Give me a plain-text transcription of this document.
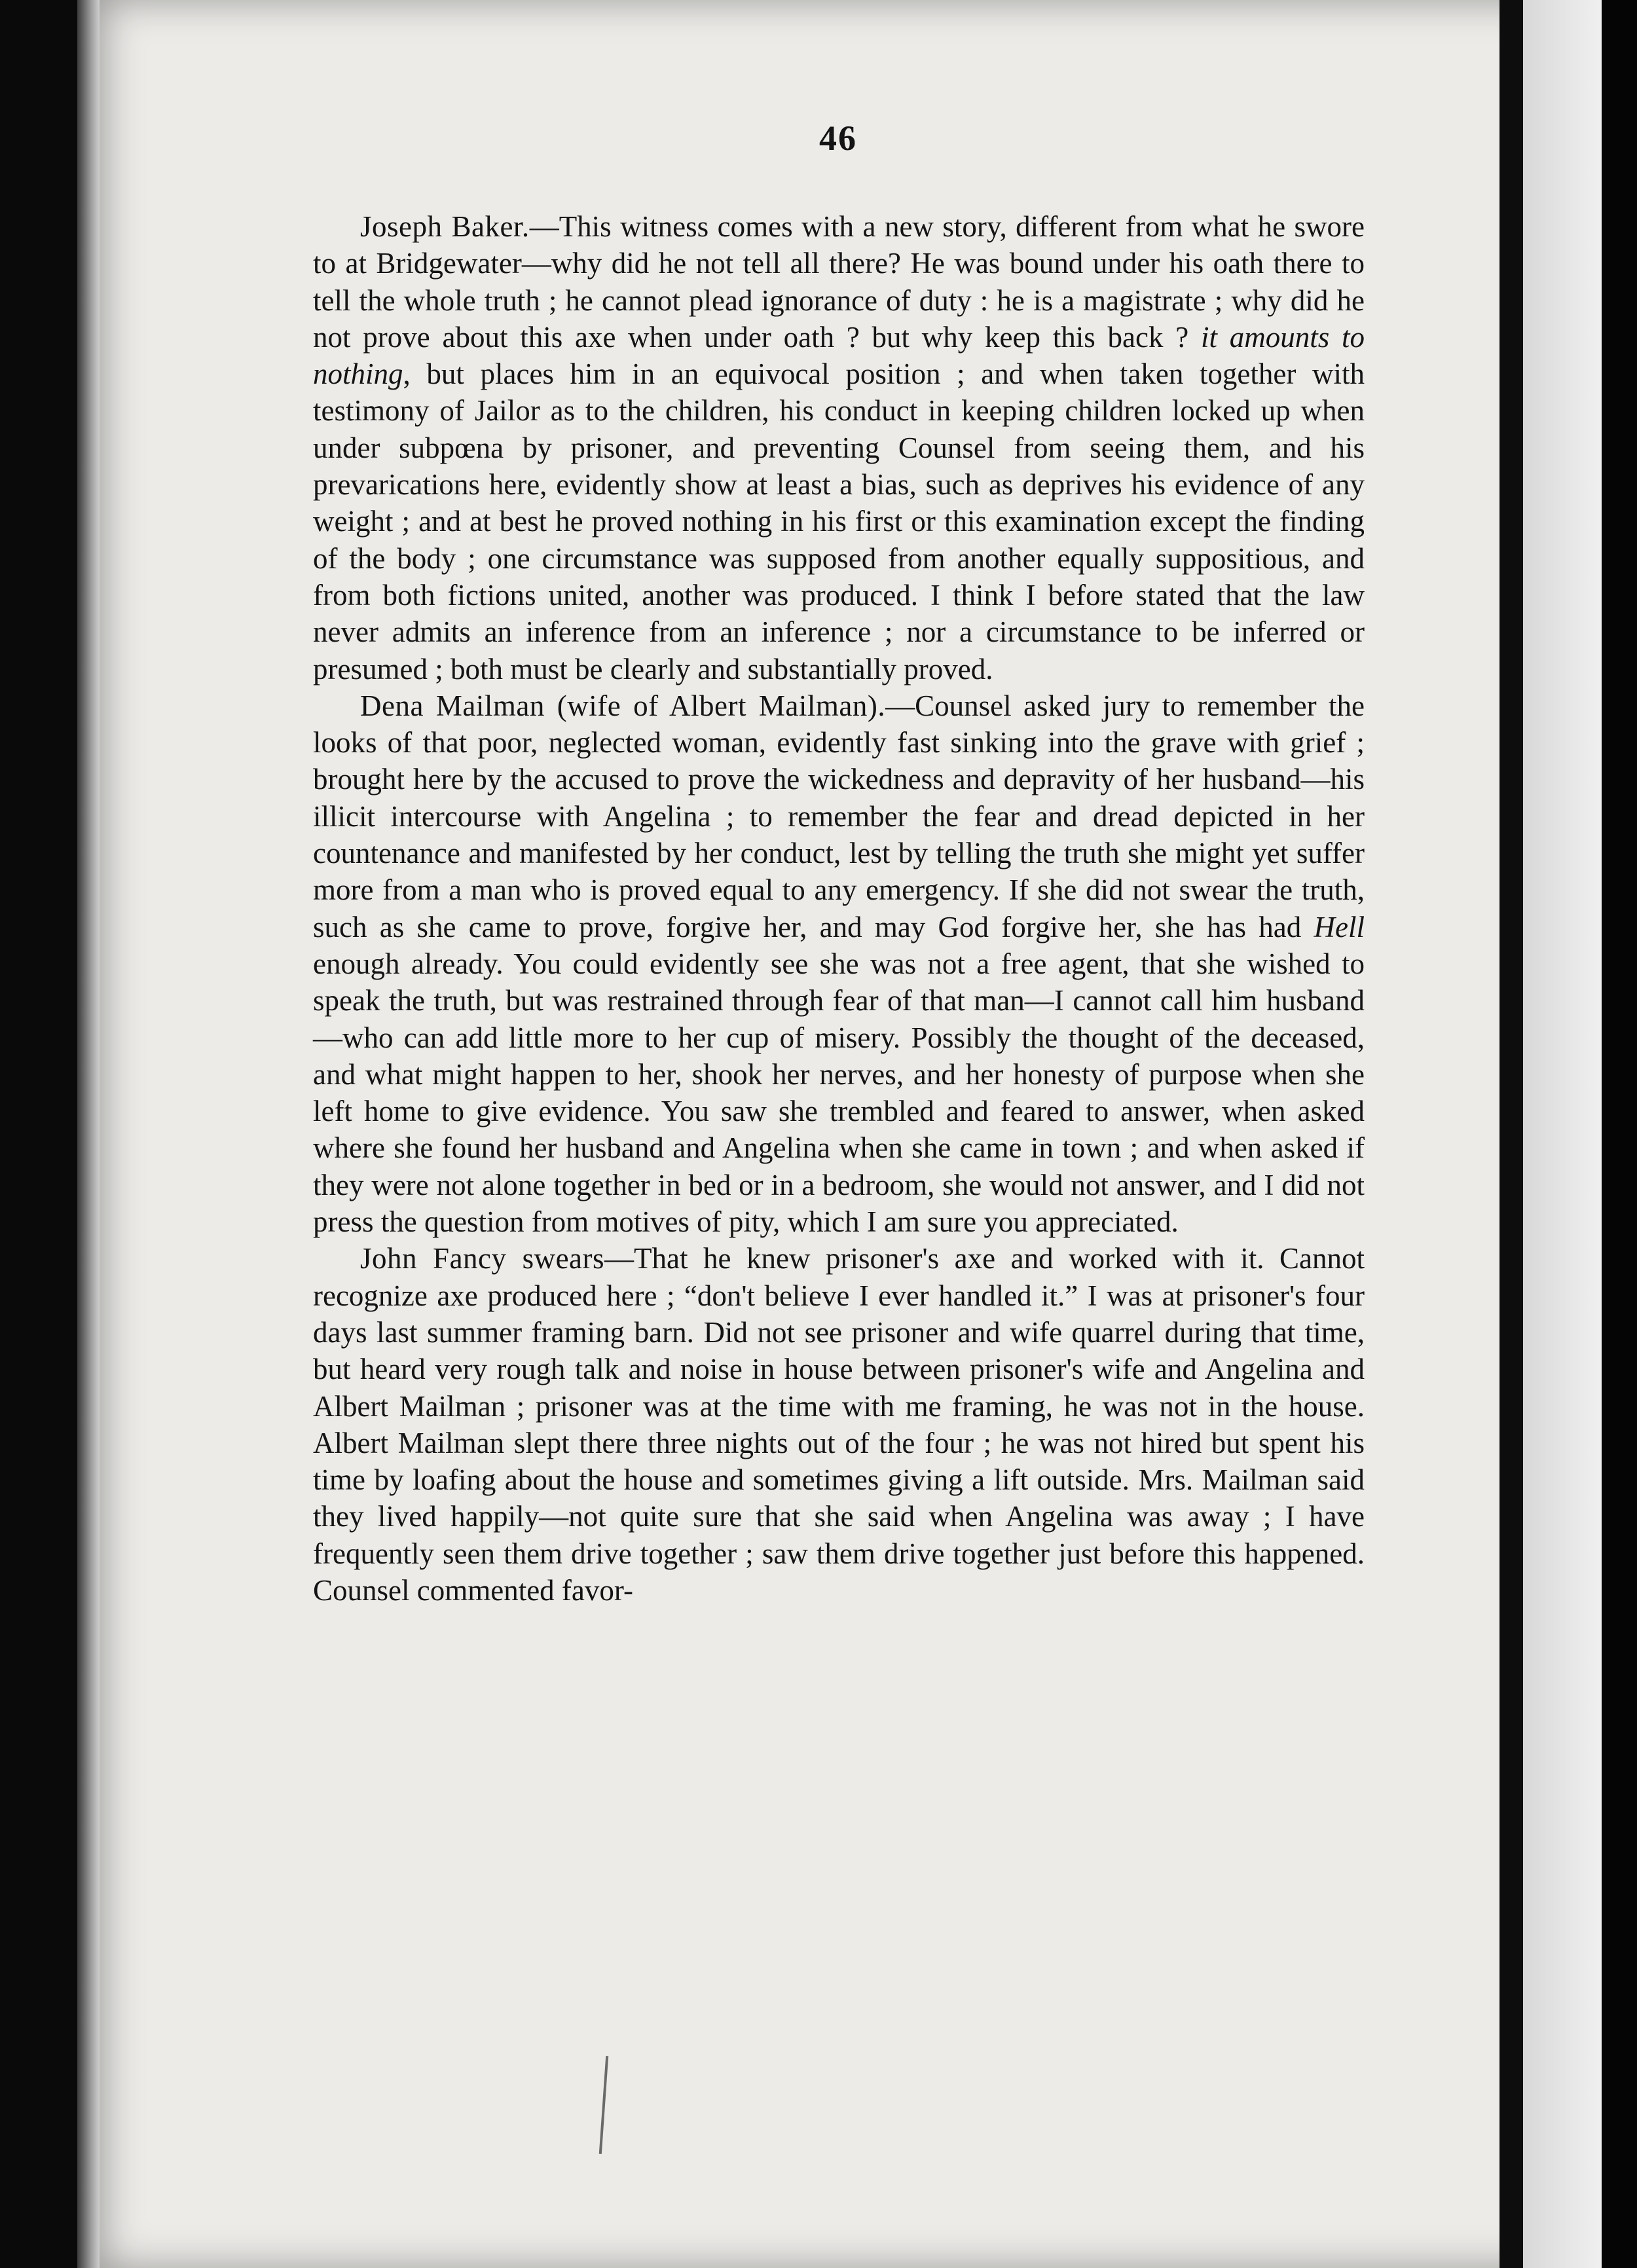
46

Joseph Baker.—This witness comes with a new story, different from what he swore to at Bridgewater—why did he not tell all there? He was bound under his oath there to tell the whole truth ; he cannot plead ignorance of duty : he is a magistrate ; why did he not prove about this axe when under oath ? but why keep this back ? it amounts to nothing, but places him in an equivocal position ; and when taken together with testimony of Jailor as to the children, his conduct in keeping children locked up when under subpœna by prisoner, and preventing Counsel from seeing them, and his prevarications here, evidently show at least a bias, such as deprives his evidence of any weight ; and at best he proved nothing in his first or this examination except the finding of the body ; one circumstance was supposed from another equally suppositious, and from both fictions united, another was produced. I think I before stated that the law never admits an inference from an inference ; nor a circumstance to be inferred or presumed ; both must be clearly and substantially proved.

Dena Mailman (wife of Albert Mailman).—Counsel asked jury to remember the looks of that poor, neglected woman, evidently fast sinking into the grave with grief ; brought here by the accused to prove the wickedness and depravity of her husband—his illicit intercourse with Angelina ; to remember the fear and dread depicted in her countenance and manifested by her conduct, lest by telling the truth she might yet suffer more from a man who is proved equal to any emergency. If she did not swear the truth, such as she came to prove, forgive her, and may God forgive her, she has had Hell enough already. You could evidently see she was not a free agent, that she wished to speak the truth, but was restrained through fear of that man—I cannot call him husband—who can add little more to her cup of misery. Possibly the thought of the deceased, and what might happen to her, shook her nerves, and her honesty of purpose when she left home to give evidence. You saw she trembled and feared to answer, when asked where she found her husband and Angelina when she came in town ; and when asked if they were not alone together in bed or in a bedroom, she would not answer, and I did not press the question from motives of pity, which I am sure you appreciated.

John Fancy swears—That he knew prisoner's axe and worked with it. Cannot recognize axe produced here ; “don't believe I ever handled it.” I was at prisoner's four days last summer framing barn. Did not see prisoner and wife quarrel during that time, but heard very rough talk and noise in house between prisoner's wife and Angelina and Albert Mailman ; prisoner was at the time with me framing, he was not in the house. Albert Mailman slept there three nights out of the four ; he was not hired but spent his time by loafing about the house and sometimes giving a lift outside. Mrs. Mailman said they lived happily—not quite sure that she said when Angelina was away ; I have frequently seen them drive together ; saw them drive together just before this happened. Counsel commented favor-
